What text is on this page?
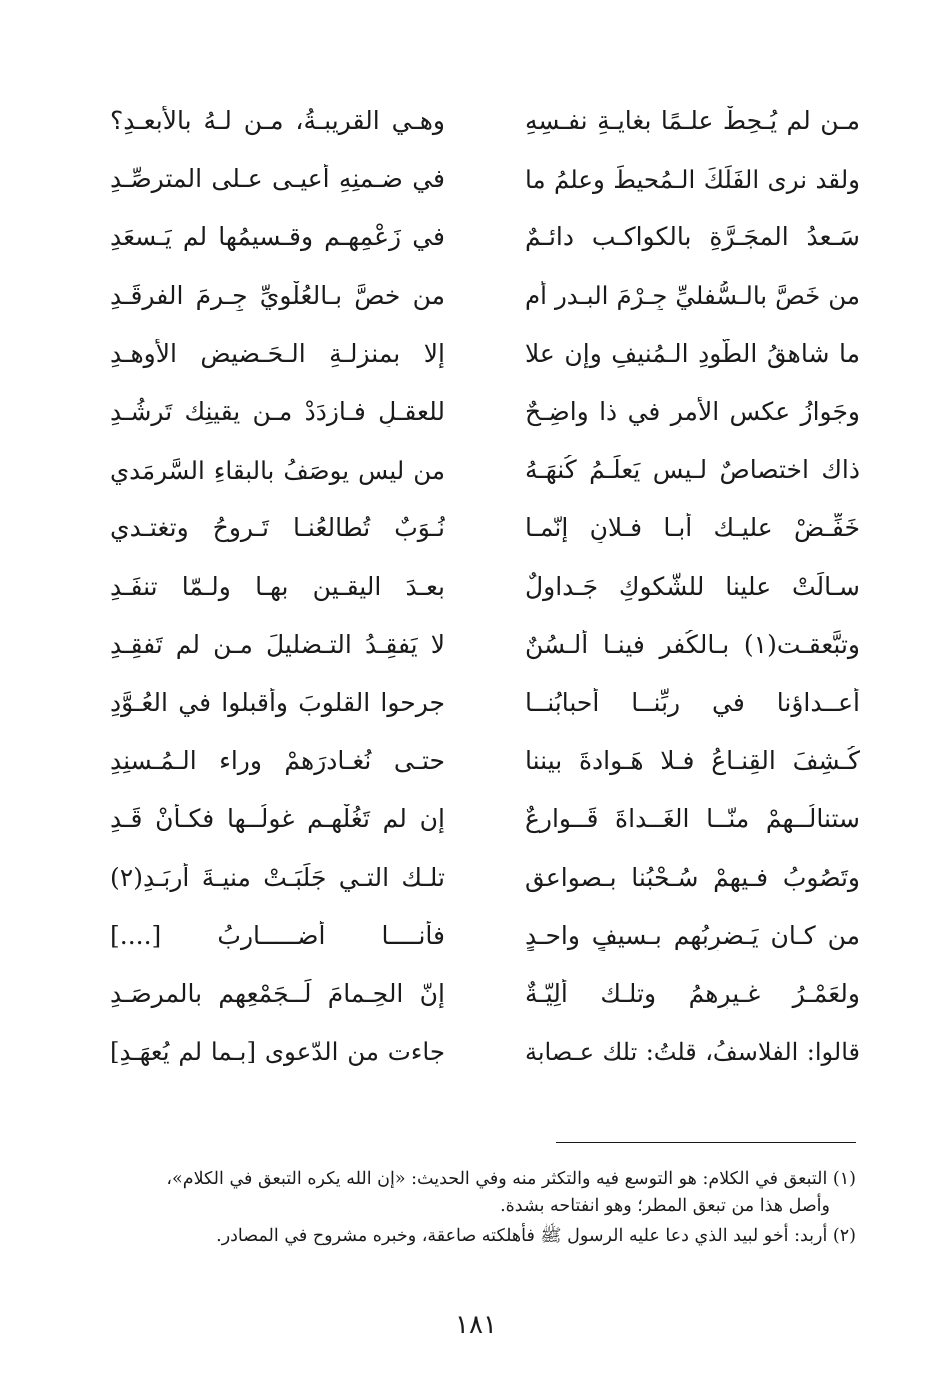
مـن لم يُـحِطْ علـمًا بغايـةِ نفـسِهِ
وهـي القريبـةُ، مـن لـهُ بالأبعـدِ؟
ولقد نرى الفَلَكَ الـمُحيطَ وعلمُ ما
في ضـمنِهِ أعيـى عـلى المترصِّـدِ
سَـعدُ المجَـرَّةِ بالكواكـب دائـمٌ
في زَعْمِهـم وقـسيمُها لم يَـسعَدِ
من خَصَّ بالـسُّفليِّ جِـرْمَ البـدرِ أم
من خصَّ بـالعُلْويِّ جِـرمَ الفرقَـدِ
ما شاهقُ الطَّودِ الـمُنيفِ وإن علا
إلا بمنزلـةِ الـحَـضيضِ الأوهـدِ
وجَوازُ عكسِ الأمرِ في ذا واضِـحٌ
للعقـلِ فـازدَدْ مـن يقينِك تَرشُـدِ
ذاك اختصاصٌ لـيس يَعلَـمُ كُنهَـهُ
من ليس يوصَفُ بالبقاءِ السَّرمَدي
خَفِّـضْ عليـك أبـا فـلانٍ إنّمـا
نُـوَبٌ تُطالعُنـا تَـروحُ وتغتـدي
سـالَتْ علينا للشُّكوكِ جَـداولٌ
بعـدَ اليقـين بهـا ولـمّا تنفَـدِ
وتبَّعقـت(١) بـالكُفر فينـا ألـسُنٌ
لا يَفقِـدُ التـضليلَ مـن لم تَفقِـدِ
أعــداؤنا في ربِّنــا أحبابُنــا
جرحوا القلوبَ وأقبلوا في العُـوَّدِ
كُـشِفَ القِنـاعُ فـلا هَـوادةَ بيننا
حتـى نُغـادرَهمْ وراء الـمُـسنِدِ
ستنالُــهمْ منّــا الغَــداةَ قَــوارعٌ
إن لم تَغُلْهـم غولُــها فكـأنْ قَـدِ
وتَصُوبُ فـيهمْ سُـحْبُنا بـصواعقٍ
تلـك التـي جَلَبَـتْ منيـةَ أربَـدِ(٢)
من كـان يَـضرِبُهم بـسيفٍ واحـدٍ
فأنــــا أضـــــاربُ [....]
ولعَمْـرُ غـيرِهمُ وتلـك أَلِيّـةٌ
إنّ الحِـمامَ لَــجَمْعِهم بالمرصَـدِ
قالوا: الفلاسفُ، قلتُ: تلك عـصابة
جاءت من الدّعوى [بـما لم يُعهَـدِ]

(١) التبعق في الكلام: هو التوسع فيه والتكثر منه وفي الحديث: «إن الله يكره التبعق في الكلام»،
وأصل هذا من تبعق المطر؛ وهو انفتاحه بشدة.

(٢) أربد: أخو لبيد الذي دعا عليه الرسول ﷺ فأهلكته صاعقة، وخبره مشروح في المصادر.

١٨١
